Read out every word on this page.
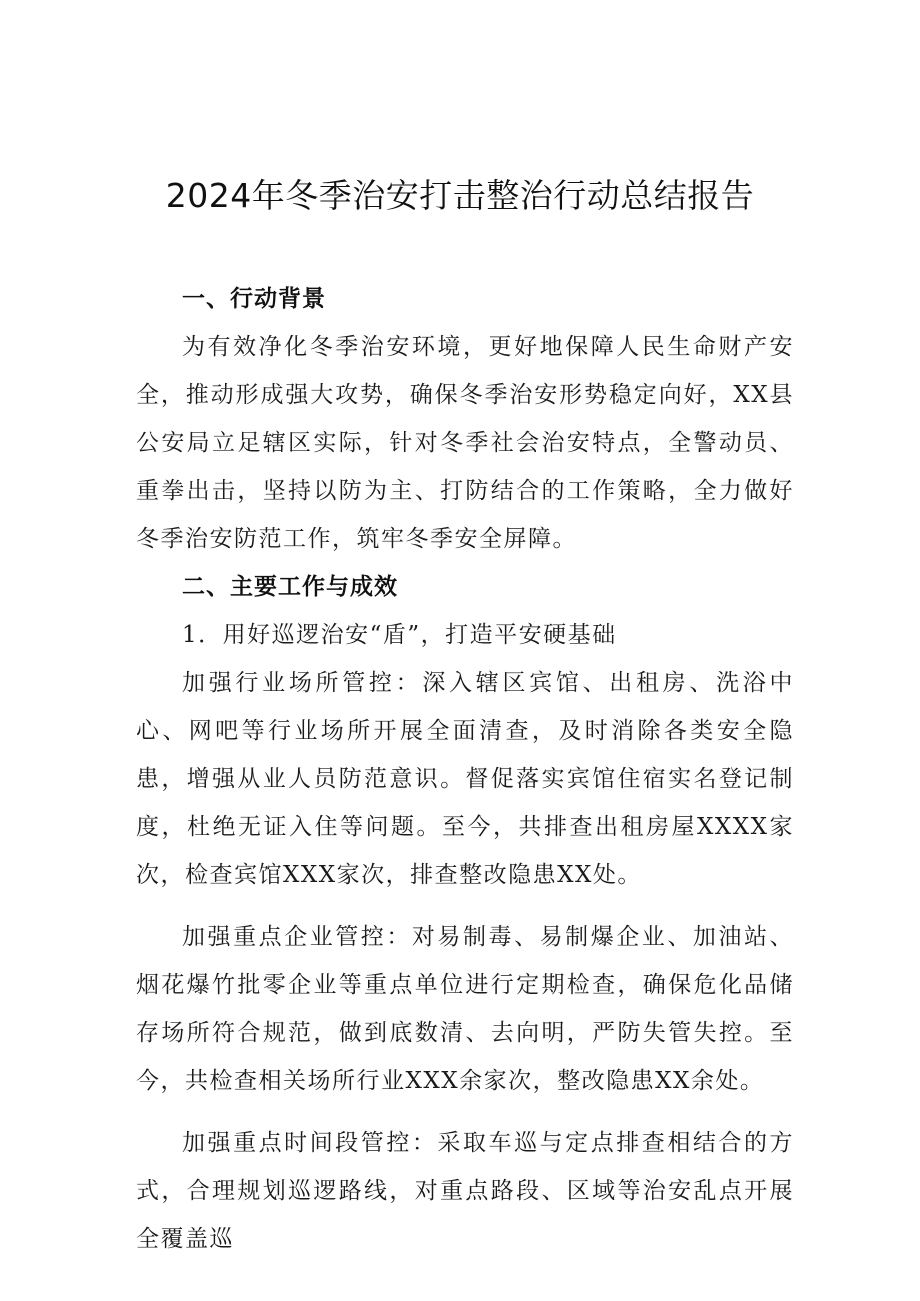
2024年冬季治安打击整治行动总结报告
一、行动背景

为有效净化冬季治安环境，更好地保障人民生命财产安全，推动形成强大攻势，确保冬季治安形势稳定向好，XX县公安局立足辖区实际，针对冬季社会治安特点，全警动员、重拳出击，坚持以防为主、打防结合的工作策略，全力做好冬季治安防范工作，筑牢冬季安全屏障。

二、主要工作与成效

1．用好巡逻治安“盾”，打造平安硬基础

加强行业场所管控：深入辖区宾馆、出租房、洗浴中心、网吧等行业场所开展全面清查，及时消除各类安全隐患，增强从业人员防范意识。督促落实宾馆住宿实名登记制度，杜绝无证入住等问题。至今，共排查出租房屋XXXX家次，检查宾馆XXX家次，排查整改隐患XX处。

加强重点企业管控：对易制毒、易制爆企业、加油站、烟花爆竹批零企业等重点单位进行定期检查，确保危化品储存场所符合规范，做到底数清、去向明，严防失管失控。至今，共检查相关场所行业XXX余家次，整改隐患XX余处。

加强重点时间段管控：采取车巡与定点排查相结合的方式，合理规划巡逻路线，对重点路段、区域等治安乱点开展全覆盖巡
